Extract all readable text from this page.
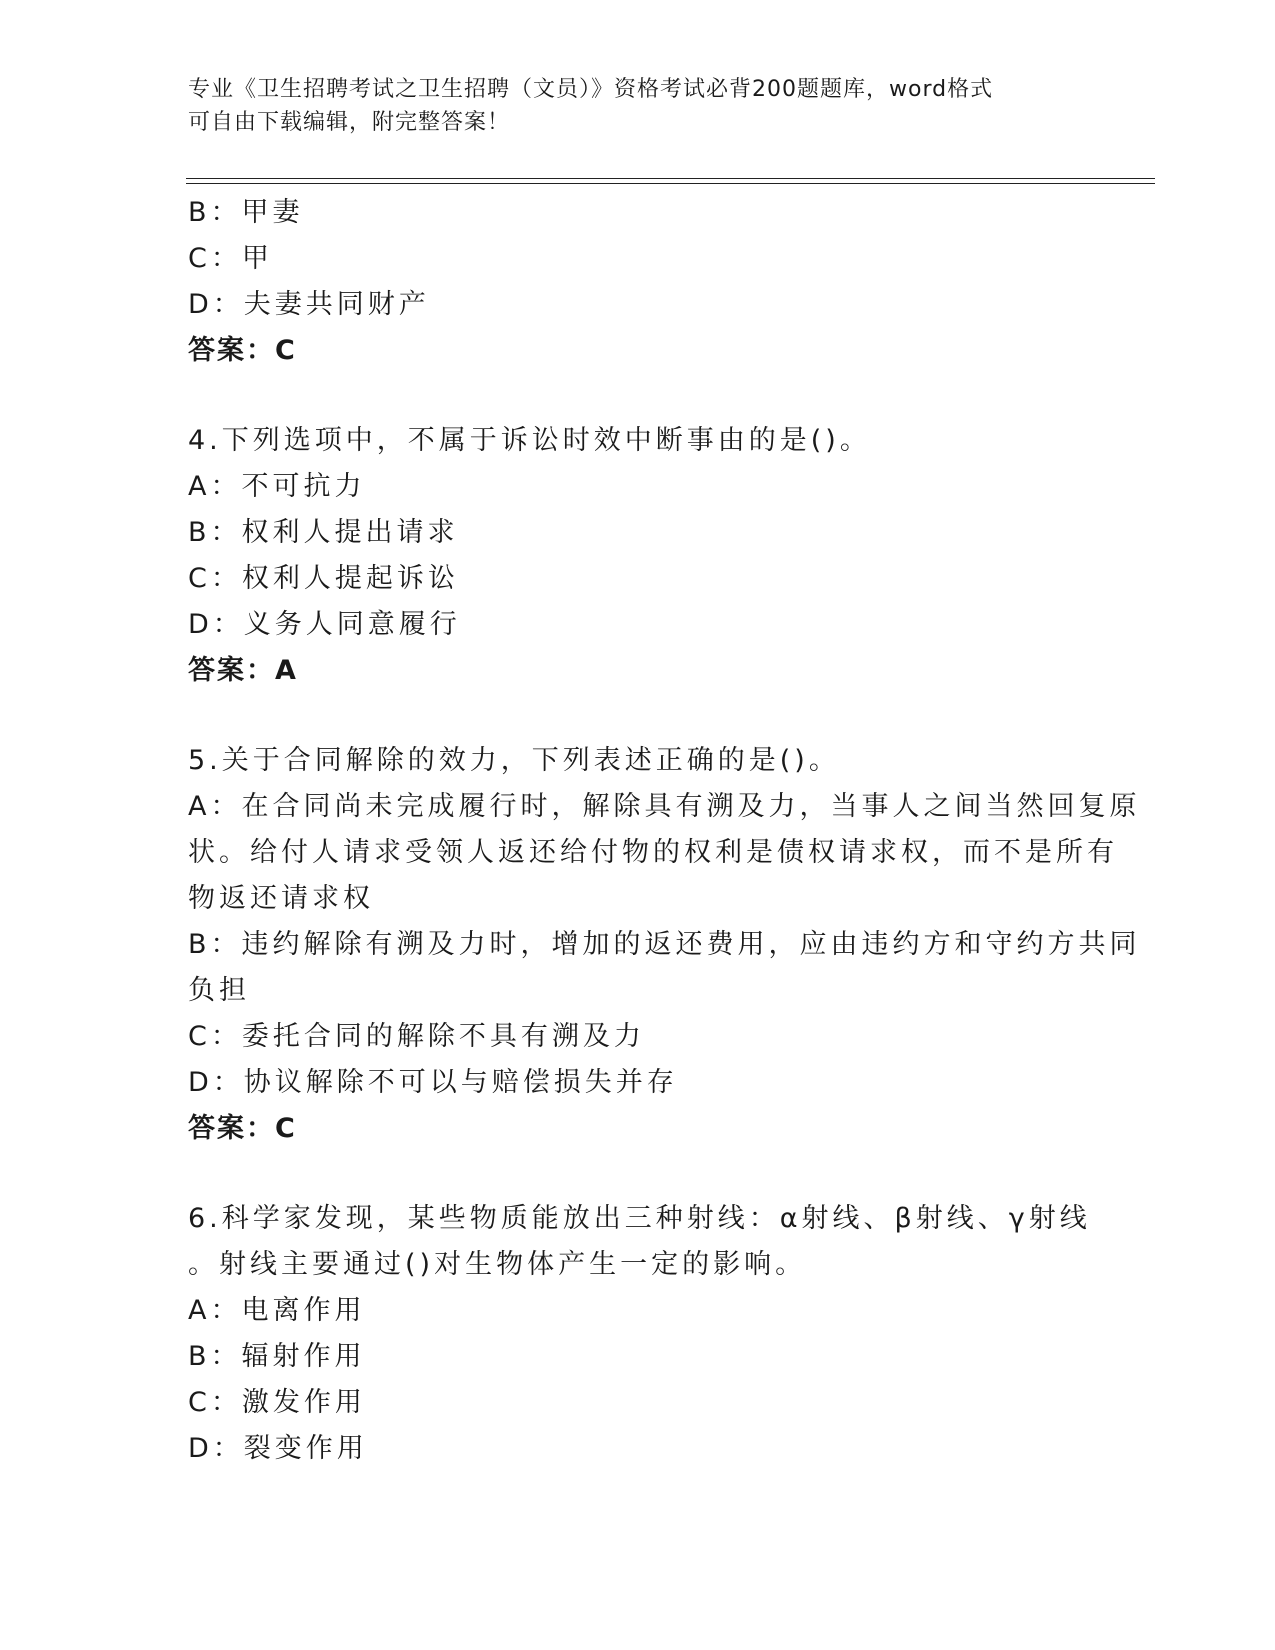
专业《卫生招聘考试之卫生招聘（文员）》资格考试必背200题题库，word格式
可自由下载编辑，附完整答案！
B：甲妻
C：甲
D：夫妻共同财产
答案：C
4.下列选项中，不属于诉讼时效中断事由的是()。
A：不可抗力
B：权利人提出请求
C：权利人提起诉讼
D：义务人同意履行
答案：A
5.关于合同解除的效力，下列表述正确的是()。
A：在合同尚未完成履行时，解除具有溯及力，当事人之间当然回复原
状。给付人请求受领人返还给付物的权利是债权请求权，而不是所有
物返还请求权
B：违约解除有溯及力时，增加的返还费用，应由违约方和守约方共同
负担
C：委托合同的解除不具有溯及力
D：协议解除不可以与赔偿损失并存
答案：C
6.科学家发现，某些物质能放出三种射线：α射线、β射线、γ射线
。射线主要通过()对生物体产生一定的影响。
A：电离作用
B：辐射作用
C：激发作用
D：裂变作用
